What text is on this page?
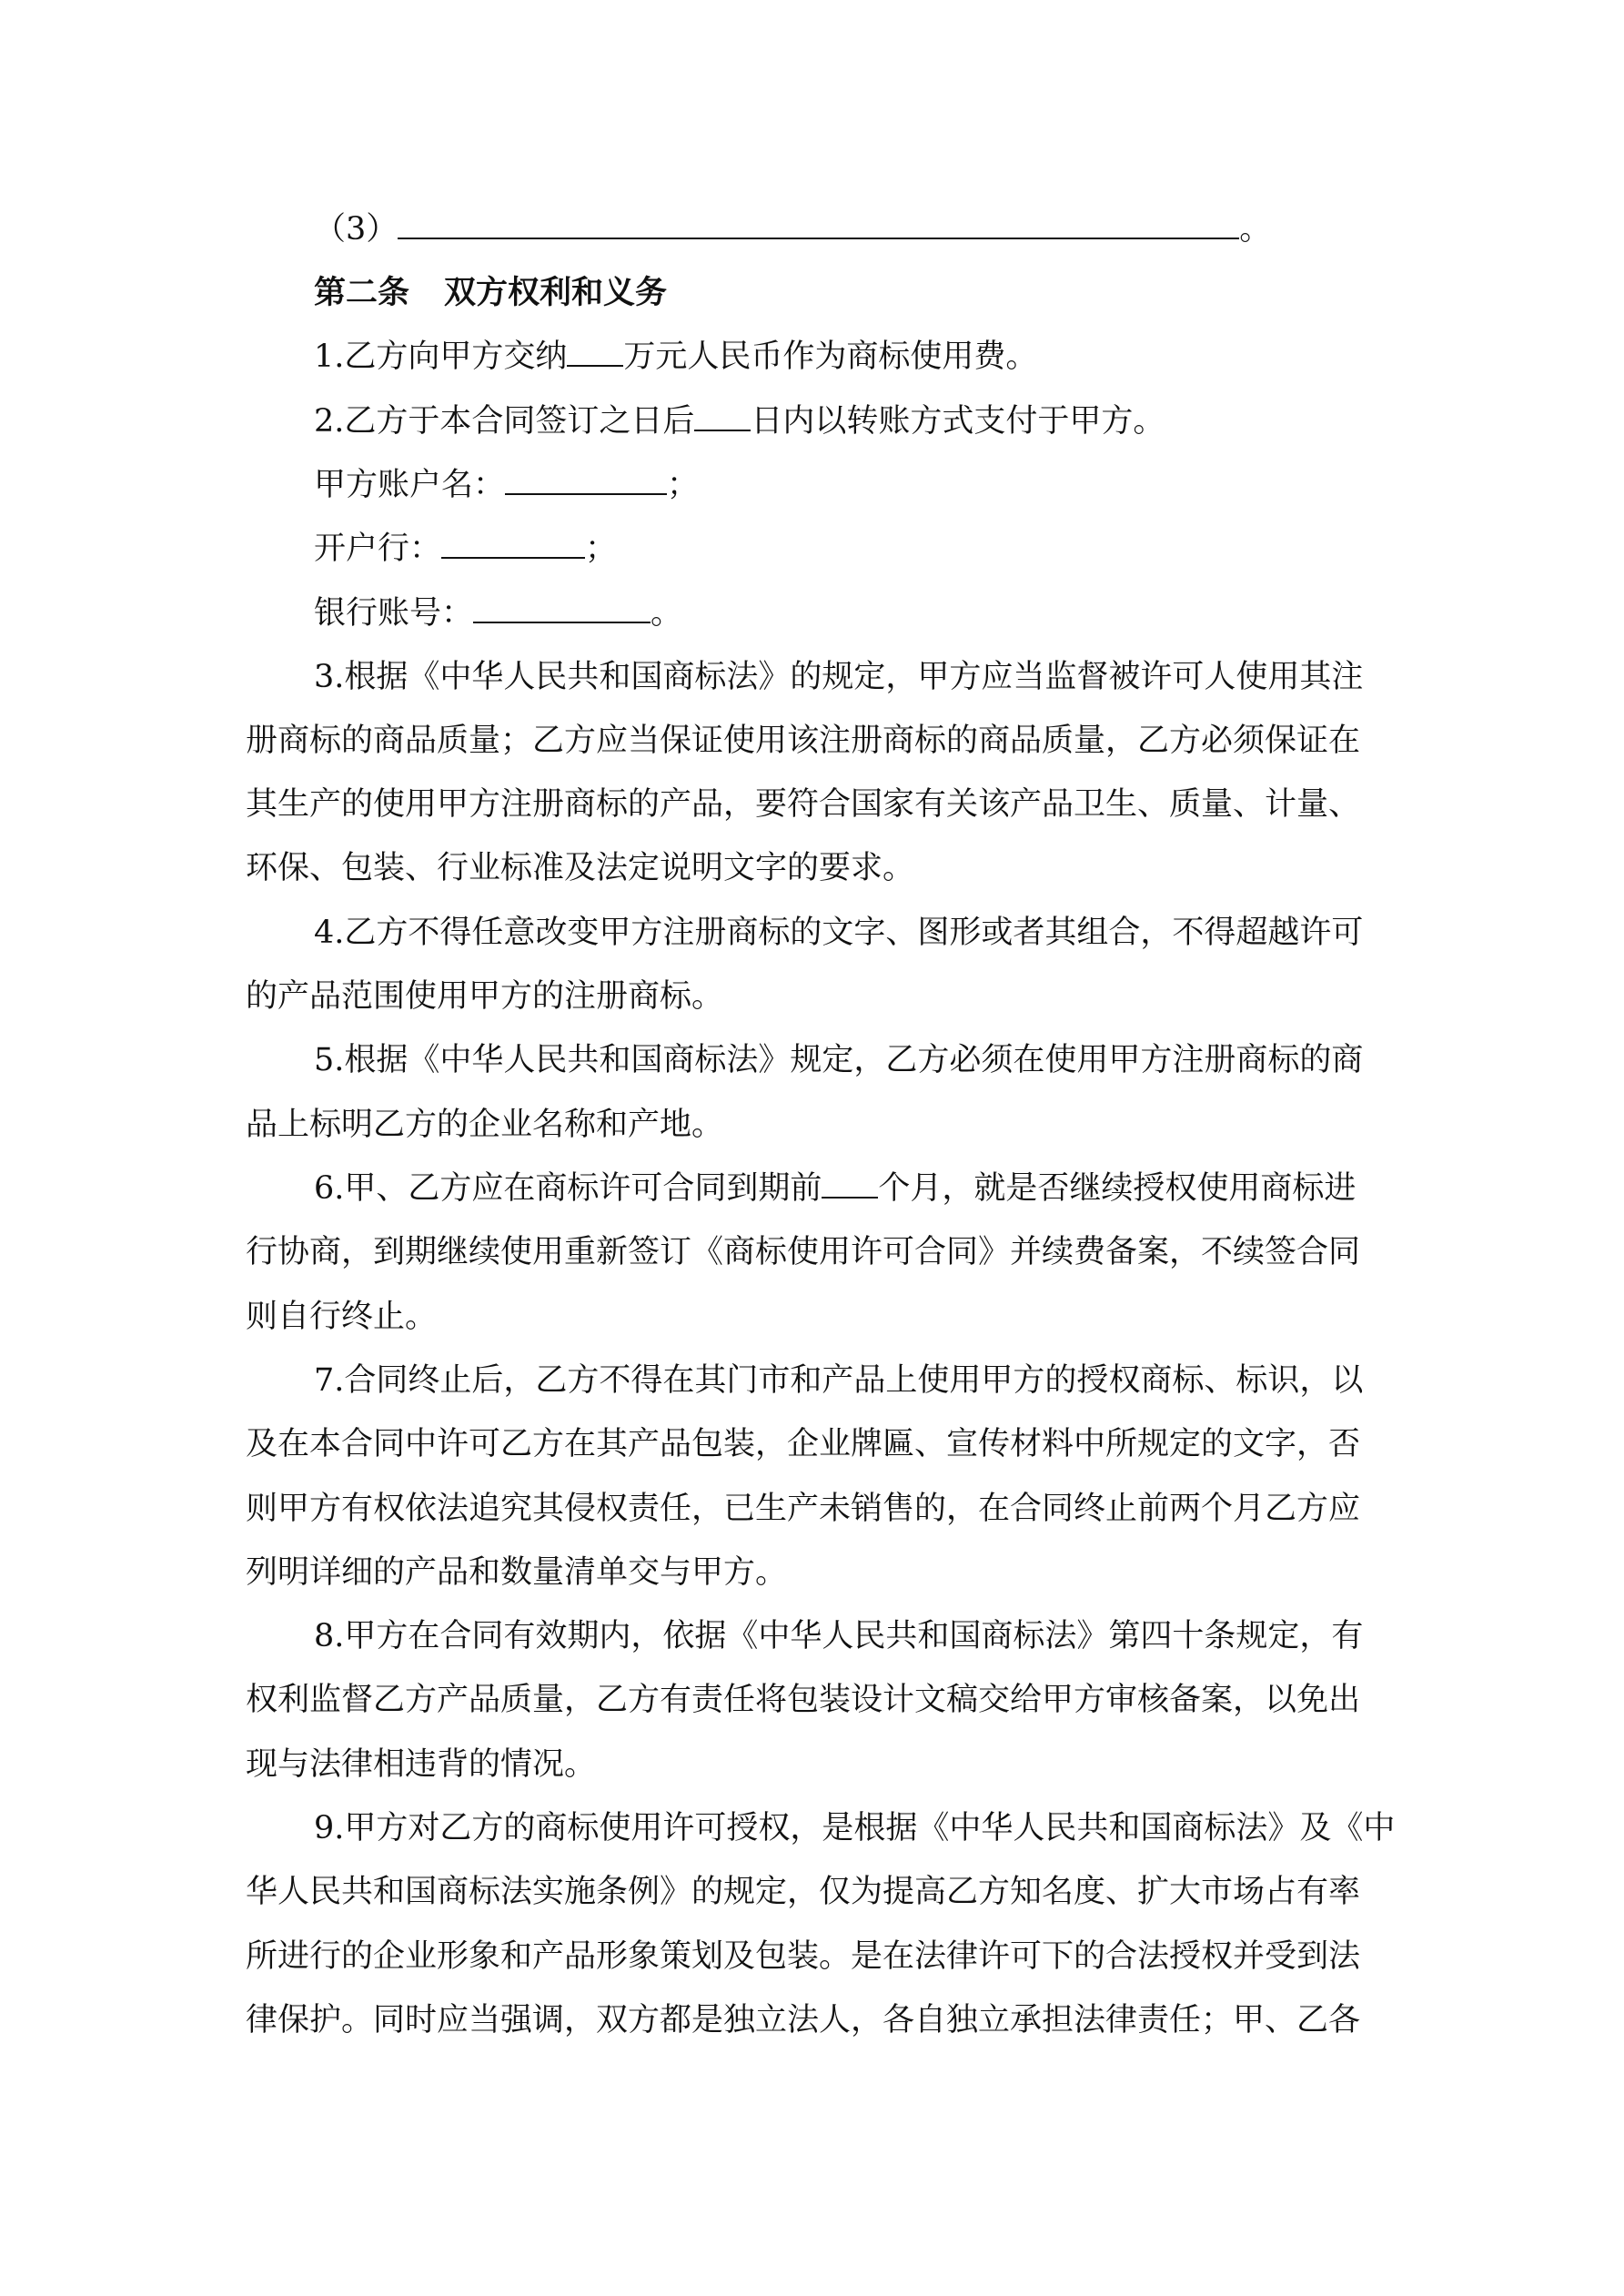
（3）	。
第二条 双方权利和义务
1.乙方向甲方交纳 万元人民币作为商标使用费。
2.乙方于本合同签订之日后 日内以转账方式支付于甲方。
甲方账户名：	；
开户行：	；
银行账号：	。
3.根据《中华人民共和国商标法》的规定，甲方应当监督被许可人使用其注
册商标的商品质量；乙方应当保证使用该注册商标的商品质量，乙方必须保证在
其生产的使用甲方注册商标的产品，要符合国家有关该产品卫生、质量、计量、
环保、包装、行业标准及法定说明文字的要求。
4.乙方不得任意改变甲方注册商标的文字、图形或者其组合，不得超越许可
的产品范围使用甲方的注册商标。
5.根据《中华人民共和国商标法》规定，乙方必须在使用甲方注册商标的商
品上标明乙方的企业名称和产地。
6.甲、乙方应在商标许可合同到期前 个月，就是否继续授权使用商标进
行协商，到期继续使用重新签订《商标使用许可合同》并续费备案，不续签合同
则自行终止。
7.合同终止后，乙方不得在其门市和产品上使用甲方的授权商标、标识，以
及在本合同中许可乙方在其产品包装，企业牌匾、宣传材料中所规定的文字，否
则甲方有权依法追究其侵权责任，已生产未销售的，在合同终止前两个月乙方应
列明详细的产品和数量清单交与甲方。
8.甲方在合同有效期内，依据《中华人民共和国商标法》第四十条规定，有
权利监督乙方产品质量，乙方有责任将包装设计文稿交给甲方审核备案，以免出
现与法律相违背的情况。
9.甲方对乙方的商标使用许可授权，是根据《中华人民共和国商标法》及《中
华人民共和国商标法实施条例》的规定，仅为提高乙方知名度、扩大市场占有率
所进行的企业形象和产品形象策划及包装。是在法律许可下的合法授权并受到法
律保护。同时应当强调，双方都是独立法人，各自独立承担法律责任；甲、乙各
